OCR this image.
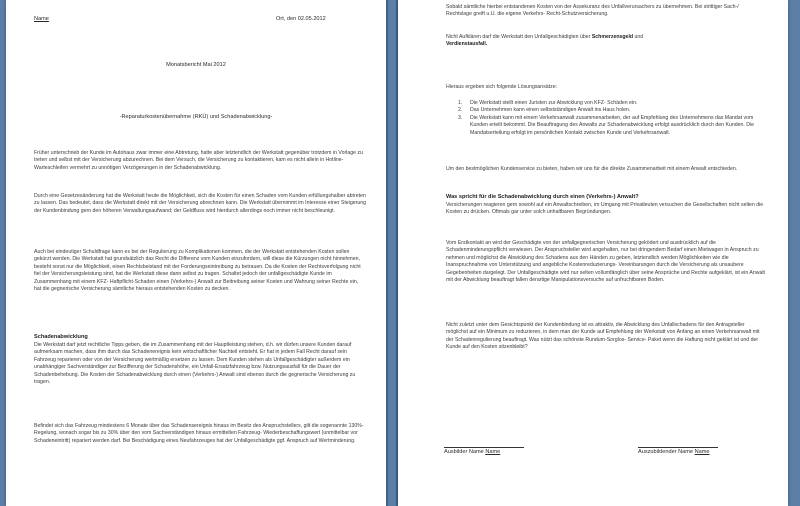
Name	Ort, den 02.05.2012
Monatsbericht Mai 2012
-Reparaturkostenübernahme (RKÜ) und Schadenabwicklung-

Früher unterschrieb der Kunde im Autohaus zwar immer eine Abtretung, hatte aber letztendlich der Werkstatt gegenüber trotzdem in Vorlage zu treten und selbst mit der Versicherung abzurechnen. Bei dem Versuch, die Versicherung zu kontaktieren, kam es nicht allein in Hotline- Warteschleifen vermehrt zu unnötigen Verzögerungen in der Schadenabwicklung.

Durch eine Gesetzesänderung hat die Werkstatt heute die Möglichkeit, sich die Kosten für einen Schaden vom Kunden erfüllungshalber abtreten zu lassen. Das bedeutet, dass die Werkstatt direkt mit der Versicherung abrechnen kann. Die Werkstatt übernimmt im Interesse einer Steigerung der Kundenbindung gern den höheren Verwaltungsaufwand; der Geldfluss wird hierdurch allerdings noch immer nicht beschleunigt.

Auch bei eindeutiger Schuldfrage kann es bei der Regulierung zu Komplikationen kommen, die der Werkstatt entstehenden Kosten sollen gekürzt werden. Die Werkstatt hat grundsätzlich das Recht die Differenz vom Kunden einzufordern, will diese die Kürzungen nicht hinnehmen, besteht sonst nur die Möglichkeit, einen Rechtsbeistand mit der Forderungseintreibung zu betrauen. Da die Kosten der Rechtsverfolgung nicht fiel der Versicherungsleistung sind, hat die Werkstatt diese dann selbst zu tragen. Schaltet jedoch der unfallgeschädigte Kunde im Zusammenhang mit einem KFZ- Haftpflicht-Schaden einen (Verkehrs-) Anwalt zur Beitreibung seiner Kosten und Wahrung seiner Rechte ein, hat die gegnerische Versicherung sämtliche hieraus entstehenden Kosten zu decken.

Schadenabwicklung

Die Werkstatt darf jetzt rechtliche Tipps geben, die im Zusammenhang mit der Hauptleistung stehen, d.h. wir dürfen unsere Kunden darauf aufmerksam machen, dass ihm durch das Schadenereignis kein wirtschaftlicher Nachteil entsteht. Er hat in jedem Fall Recht darauf sein Fahrzeug reparieren oder von der Versicherung wertmäßig ersetzen zu lassen. Dem Kunden stehen als Unfallgeschädigter außerdem ein unabhängiger Sachverständiger zur Bezifferung der Schadenshöhe, ein Unfall-Ersatzfahrzeug bzw. Nutzungsausfall für die Dauer der Schadenbehebung. Die Kosten der Schadenabwicklung durch einen (Verkehrs-) Anwalt sind ebenso durch die gegnerische Versicherung zu tragen.

Befindet sich das Fahrzeug mindestens 6 Monate über das Schadensereignis hinaus im Besitz des Anspruchstellers, gilt die sogenannte 130%- Regelung, wonach sogar bis zu 30% über den vom Sachverständigen hinaus ermittelten Fahrzeug- Wiederbeschaffungswert (unmittelbar vor Schadeneintritt) repariert werden darf. Bei Beschädigung eines Neufahrzeuges hat der Unfallgeschädigte ggf. Anspruch auf Wertminderung.

Sobald sämtliche hierbei entstandenen Kosten von der Assekuranz des Unfallverursachers zu übernehmen. Bei strittiger Sach-/ Rechtslage greift u.U. die eigene Verkehrs- Recht-Schutzversicherung.

Nicht Aufklären darf die Werkstatt den Unfallgeschädigten über Schmerzensgeld und
Verdienstausfall.

Hieraus ergeben sich folgende Lösungsansätze:

1.	Die Werkstatt stellt einen Juristen zur Abwicklung von KFZ- Schäden ein.
2.	Das Unternehmen kann einen selbstständigen Anwalt ins Haus holen.
3.	Die Werkstatt kann mit einem Verkehrsanwalt zusammenarbeiten, der auf Empfehlung des Unternehmens das Mandat vom Kunden erteilt bekommt. Die Beauftragung des Anwalts zur Schadenabwicklung erfolgt ausdrücklich durch den Kunden. Die Mandatserteilung erfolgt im persönlichen Kontakt zwischen Kunde und Verkehrsanwalt.

Um den bestmöglichen Kundenservice zu bieten, haben wir uns für die direkte Zusammenarbeit mit einem Anwalt entschieden.

Was spricht für die Schadenabwicklung durch einen (Verkehrs-) Anwalt?

Versicherungen reagieren gern sowohl auf ein Anwaltschreiben, im Umgang mit Privatleuten versuchen die Gesellschaften nicht selten die Kosten zu drücken. Oftmals gar unter solch unhaltbaren Begründungen.

Vom Erstkontakt an wird der Geschädigte von der unfallgegnerischen Versicherung geködert und ausdrücklich auf die Schadenminderungspflicht verwiesen. Der Anspruchsteller wird angehalten, nur bei dringendem Bedarf einen Mietwagen in Anspruch zu nehmen und möglichst die Abwicklung des Schadens aus den Händen zu geben, letztendlich werden Möglichkeiten wie die Inanspruchnahme von Unterstützung und angebliche Kostenreduzierungs- Vereinbarungen durch die Versicherung als unsaubere Gegebenheiten dargelegt. Der Unfallgeschädigte wird nur selten vollumfänglich über seine Ansprüche und Rechte aufgeklärt, ist ein Anwalt mit der Abwicklung beauftragt fallen derartige Manipulationsversuche auf unfruchtbaren Boden.

Nicht zuletzt unter dem Gesichtspunkt der Kundenbindung ist es attraktiv, die Abwicklung des Unfallschadens für den Antragsteller möglichst auf ein Minimum zu reduzieren, in dem man der Kunde auf Empfehlung der Werkstatt von Anfang an einen Verkehrsanwalt mit der Schadenregulierung beauftragt. Was nützt das schönste Rundum-Sorglos- Service- Paket wenn die Haftung nicht geklärt ist und der Kunde auf den Kosten sitzenbleibt?

Ausbilder Name Name	Auszubildender Name Name
